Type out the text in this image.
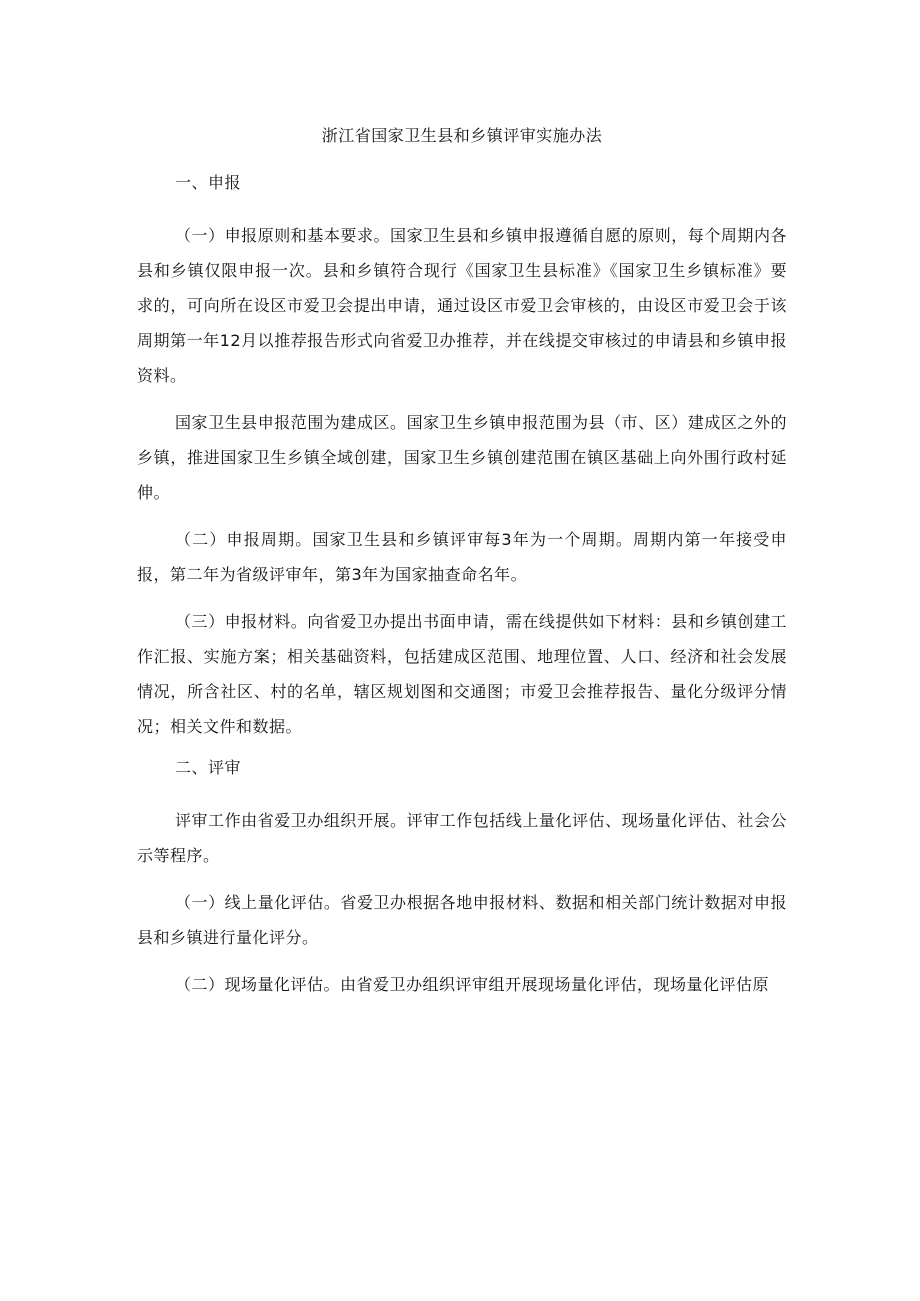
浙江省国家卫生县和乡镇评审实施办法
一、申报
（一）申报原则和基本要求。国家卫生县和乡镇申报遵循自愿的原则，每个周期内各县和乡镇仅限申报一次。县和乡镇符合现行《国家卫生县标准》《国家卫生乡镇标准》要求的，可向所在设区市爱卫会提出申请，通过设区市爱卫会审核的，由设区市爱卫会于该周期第一年12月以推荐报告形式向省爱卫办推荐，并在线提交审核过的申请县和乡镇申报资料。
国家卫生县申报范围为建成区。国家卫生乡镇申报范围为县（市、区）建成区之外的乡镇，推进国家卫生乡镇全域创建，国家卫生乡镇创建范围在镇区基础上向外围行政村延伸。
（二）申报周期。国家卫生县和乡镇评审每3年为一个周期。周期内第一年接受申报，第二年为省级评审年，第3年为国家抽查命名年。
（三）申报材料。向省爱卫办提出书面申请，需在线提供如下材料：县和乡镇创建工作汇报、实施方案；相关基础资料，包括建成区范围、地理位置、人口、经济和社会发展情况，所含社区、村的名单，辖区规划图和交通图；市爱卫会推荐报告、量化分级评分情况；相关文件和数据。
二、评审
评审工作由省爱卫办组织开展。评审工作包括线上量化评估、现场量化评估、社会公示等程序。
（一）线上量化评估。省爱卫办根据各地申报材料、数据和相关部门统计数据对申报县和乡镇进行量化评分。
（二）现场量化评估。由省爱卫办组织评审组开展现场量化评估，现场量化评估原
